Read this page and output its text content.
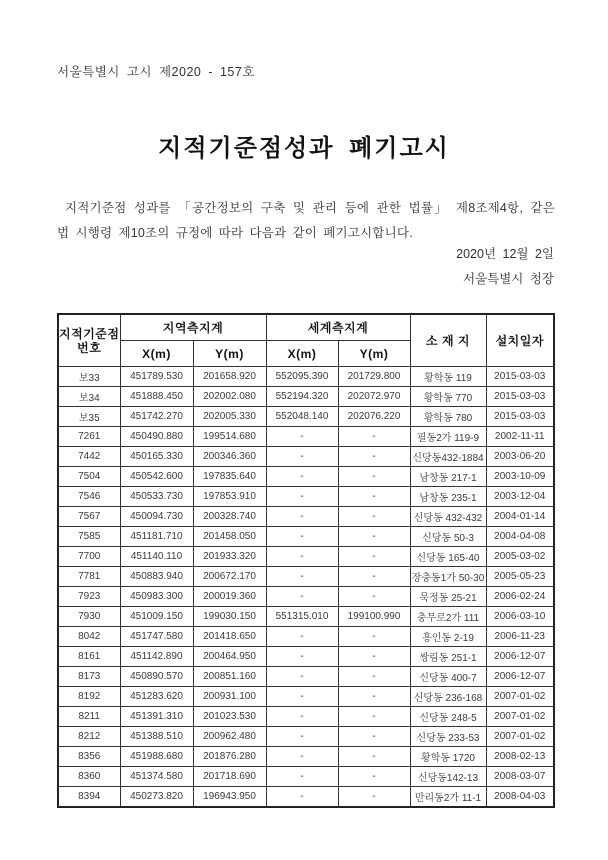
서울특별시 고시 제2020 - 157호
지적기준점성과 폐기고시
지적기준점 성과를 「공간정보의 구축 및 관리 등에 관한 법률」 제8조제4항, 같은 법 시행령 제10조의 규정에 따라 다음과 같이 폐기고시합니다.
2020년 12월 2일
서울특별시 청장
지적기준점
번호	지역측지계		세계측지계		소 재 지	설치일자
	X(m)	Y(m)	X(m)	Y(m)		
보33	451789.530	201658.920	552095.390	201729.800	황학동 119	2015-03-03
보34	451888.450	202002.080	552194.320	202072.970	황학동 770	2015-03-03
보35	451742.270	202005.330	552048.140	202076.220	황학동 780	2015-03-03
7261	450490.880	199514.680	-	-	필동2가 119-9	2002-11-11
7442	450165.330	200346.360	-	-	신당동432-1884	2003-06-20
7504	450542.600	197835.640	-	-	남창동 217-1	2003-10-09
7546	450533.730	197853.910	-	-	남창동 235-1	2003-12-04
7567	450094.730	200328.740	-	-	신당동 432-432	2004-01-14
7585	451181.710	201458.050	-	-	신당동 50-3	2004-04-08
7700	451140.110	201933.320	-	-	신당동 165-40	2005-03-02
7781	450883.940	200672.170	-	-	장충동1가 50-30	2005-05-23
7923	450983.300	200019.360	-	-	묵정동 25-21	2006-02-24
7930	451009.150	199030.150	551315.010	199100.990	충무로2가 111	2006-03-10
8042	451747.580	201418.650	-	-	흥인동 2-19	2006-11-23
8161	451142.890	200464.950	-	-	쌍림동 251-1	2006-12-07
8173	450890.570	200851.160	-	-	신당동 400-7	2006-12-07
8192	451283.620	200931.100	-	-	신당동 236-168	2007-01-02
8211	451391.310	201023.530	-	-	신당동 248-5	2007-01-02
8212	451388.510	200962.480	-	-	신당동 233-53	2007-01-02
8356	451988.680	201876.280	-	-	황학동 1720	2008-02-13
8360	451374.580	201718.690	-	-	신당동142-13	2008-03-07
8394	450273.820	196943.950	-	-	만리동2가 11-1	2008-04-03
